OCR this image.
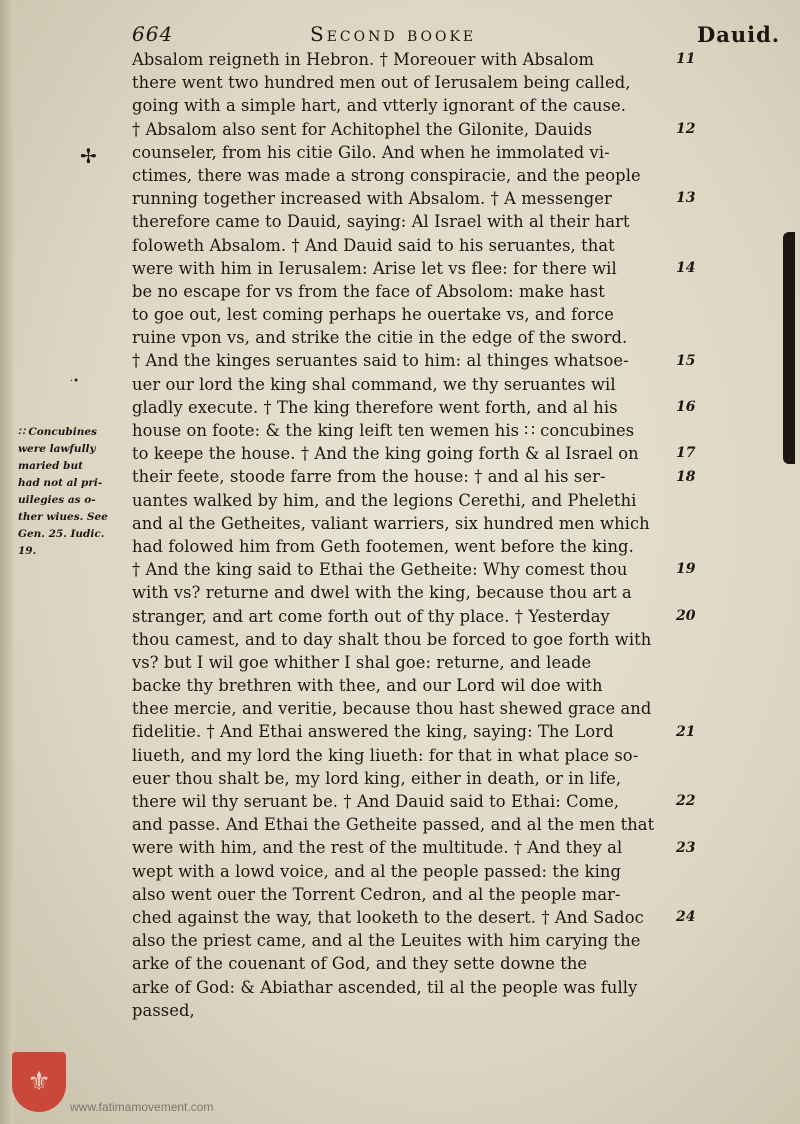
664	Second booke	Dauid.
✢
·•
Absalom reigneth in Hebron. † Moreouer with Absalom
there went two hundred men out of Ierusalem being called,
going with a simple hart, and vtterly ignorant of the cause.
† Absalom also sent for Achitophel the Gilonite, Dauids
counseler, from his citie Gilo. And when he immolated vi-
ctimes, there was made a strong conspiracie, and the people
running together increased with Absalom. † A messenger
therefore came to Dauid, saying: Al Israel with al their hart
foloweth Absalom. † And Dauid said to his seruantes, that
were with him in Ierusalem: Arise let vs flee: for there wil
be no escape for vs from the face of Absolom: make hast
to goe out, lest coming perhaps he ouertake vs, and force
ruine vpon vs, and strike the citie in the edge of the sword.
† And the kinges seruantes said to him: al thinges whatsoe-
uer our lord the king shal command, we thy seruantes wil
gladly execute. † The king therefore went forth, and al his
house on foote: & the king leift ten wemen his ∷ concubines
to keepe the house. † And the king going forth & al Israel on
their feete, stoode farre from the house: † and al his ser-
uantes walked by him, and the legions Cerethi, and Phelethi
and al the Getheites, valiant warriers, six hundred men which
had folowed him from Geth footemen, went before the king.
† And the king said to Ethai the Getheite: Why comest thou
with vs? returne and dwel with the king, because thou art a
stranger, and art come forth out of thy place. † Yesterday
thou camest, and to day shalt thou be forced to goe forth with
vs? but I wil goe whither I shal goe: returne, and leade
backe thy brethren with thee, and our Lord wil doe with
thee mercie, and veritie, because thou hast shewed grace and
fidelitie. † And Ethai answered the king, saying: The Lord
liueth, and my lord the king liueth: for that in what place so-
euer thou shalt be, my lord king, either in death, or in life,
there wil thy seruant be. † And Dauid said to Ethai: Come,
and passe. And Ethai the Getheite passed, and al the men that
were with him, and the rest of the multitude. † And they al
wept with a lowd voice, and al the people passed: the king
also went ouer the Torrent Cedron, and al the people mar-
ched against the way, that looketh to the desert. † And Sadoc
also the priest came, and al the Leuites with him carying the
arke of the couenant of God, and they sette downe the
arke of God: & Abiathar ascended, til al the people was fully
passed,
11
12
13
14
15
16
17
18
19
20
21
22
23
24
∷ Concubines
were lawfully
maried but
had not al pri-
uilegies as o-
ther wiues. See
Gen. 25. Iudic.
19.
⚜
www.fatimamovement.com
